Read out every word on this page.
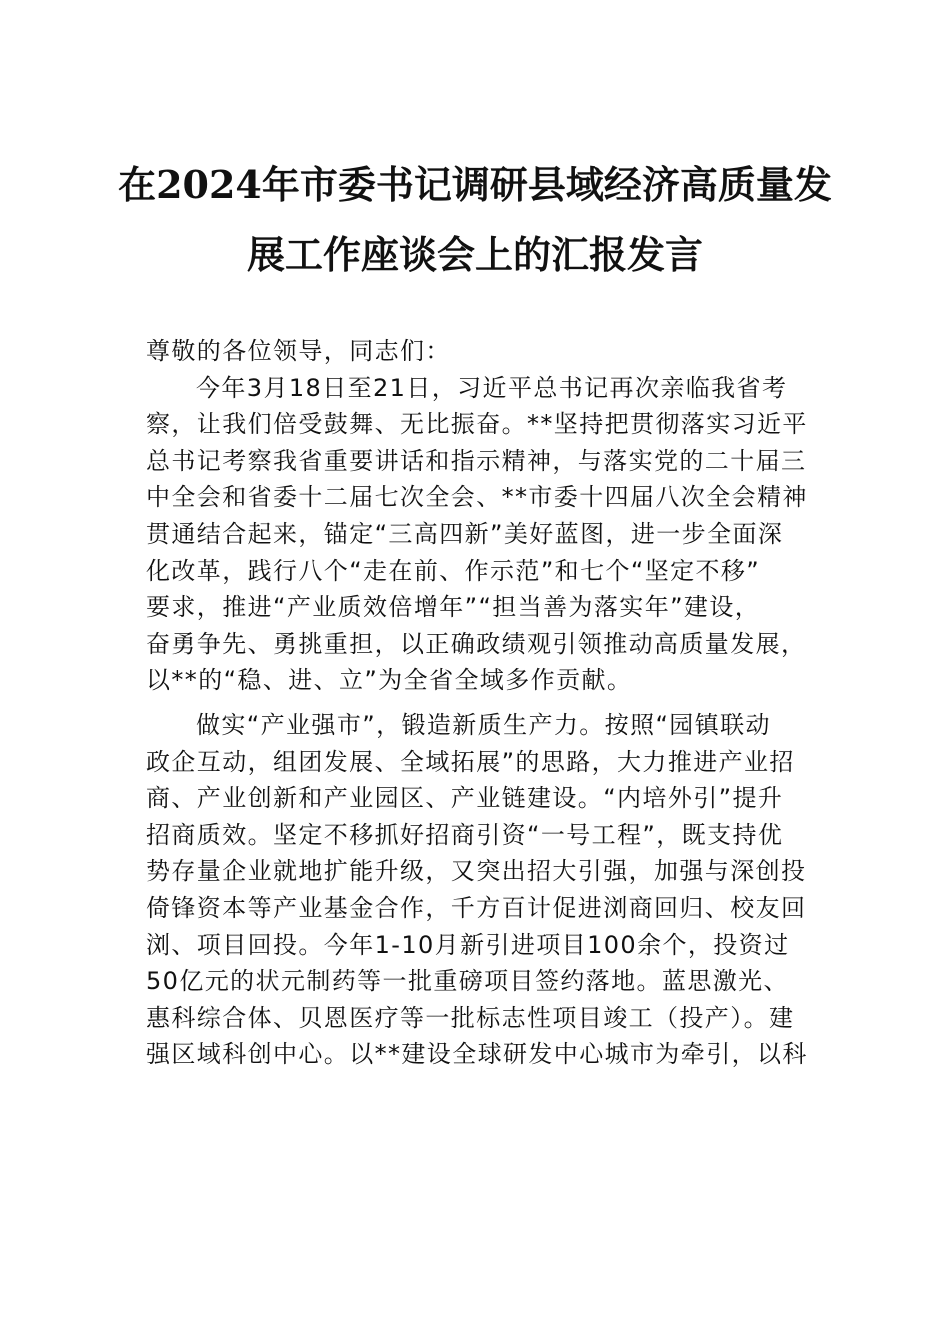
在2024年市委书记调研县域经济高质量发
展工作座谈会上的汇报发言
尊敬的各位领导，同志们：
今年3月18日至21日，习近平总书记再次亲临我省考
察，让我们倍受鼓舞、无比振奋。**坚持把贯彻落实习近平
总书记考察我省重要讲话和指示精神，与落实党的二十届三
中全会和省委十二届七次全会、**市委十四届八次全会精神
贯通结合起来，锚定“三高四新”美好蓝图，进一步全面深
化改革，践行八个“走在前、作示范”和七个“坚定不移”
要求，推进“产业质效倍增年”“担当善为落实年”建设，
奋勇争先、勇挑重担，以正确政绩观引领推动高质量发展，
以**的“稳、进、立”为全省全域多作贡献。
做实“产业强市”，锻造新质生产力。按照“园镇联动
政企互动，组团发展、全域拓展”的思路，大力推进产业招
商、产业创新和产业园区、产业链建设。“内培外引”提升
招商质效。坚定不移抓好招商引资“一号工程”，既支持优
势存量企业就地扩能升级，又突出招大引强，加强与深创投
倚锋资本等产业基金合作，千方百计促进浏商回归、校友回
浏、项目回投。今年1-10月新引进项目100余个，投资过
50亿元的状元制药等一批重磅项目签约落地。蓝思激光、
惠科综合体、贝恩医疗等一批标志性项目竣工（投产）。建
强区域科创中心。以**建设全球研发中心城市为牵引，以科
